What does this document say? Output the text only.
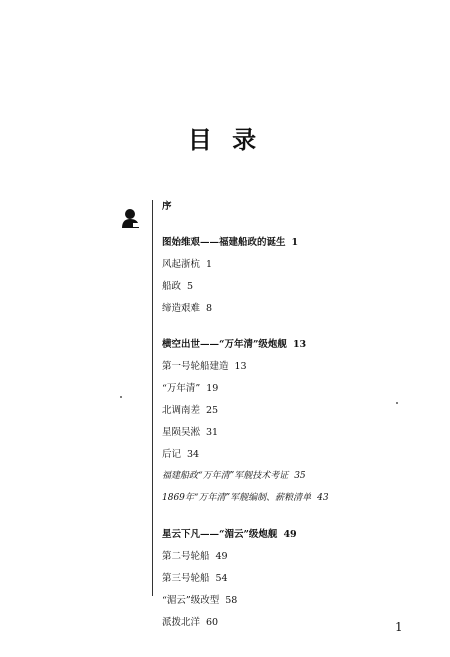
目 录
序
图始维艰——福建船政的诞生 1
风起浙杭 1
船政 5
缔造艰难 8
横空出世——“万年清”级炮舰 13
第一号轮船建造 13
“万年清” 19
北调南差 25
星陨吴淞 31
后记 34
福建船政“万年清”军舰技术考证 35
1869年“万年清”军舰编制、薪粮清单 43
星云下凡——“湄云”级炮舰 49
第二号轮船 49
第三号轮船 54
“湄云”级改型 58
派拨北洋 60	1
